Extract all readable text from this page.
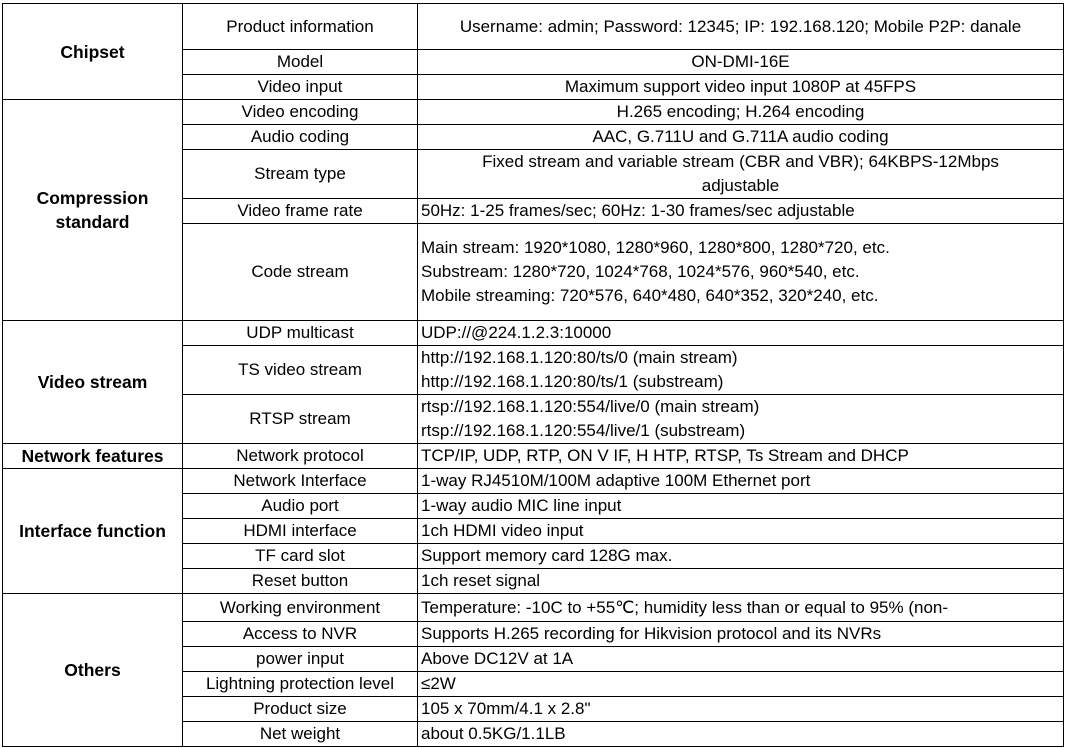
Chipset	Product information	Username: admin; Password: 12345; IP: 192.168.120; Mobile P2P: danale

	Model	ON-DMI-16E

	Video input	Maximum support video input 1080P at 45FPS

Compression standard	Video encoding	H.265 encoding; H.264 encoding

	Audio coding	AAC, G.711U and G.711A audio coding

	Stream type	Fixed stream and variable stream (CBR and VBR); 64KBPS-12Mbps
adjustable

	Video frame rate	50Hz: 1-25 frames/sec; 60Hz: 1-30 frames/sec adjustable

	Code stream	Main stream: 1920*1080, 1280*960, 1280*800, 1280*720, etc.
Substream: 1280*720, 1024*768, 1024*576, 960*540, etc.
Mobile streaming: 720*576, 640*480, 640*352, 320*240, etc.

Video stream	UDP multicast	UDP://@224.1.2.3:10000

	TS video stream	http://192.168.1.120:80/ts/0 (main stream)
http://192.168.1.120:80/ts/1 (substream)

	RTSP stream	rtsp://192.168.1.120:554/live/0 (main stream)
rtsp://192.168.1.120:554/live/1 (substream)

Network features	Network protocol	TCP/IP, UDP, RTP, ON V IF, H HTP, RTSP, Ts Stream and DHCP

Interface function	Network Interface	1-way RJ4510M/100M adaptive 100M Ethernet port

	Audio port	1-way audio MIC line input

	HDMI interface	1ch HDMI video input

	TF card slot	Support memory card 128G max.

	Reset button	1ch reset signal

Others	Working environment	Temperature: -10C to +55℃; humidity less than or equal to 95% (non-

	Access to NVR	Supports H.265 recording for Hikvision protocol and its NVRs

	power input	Above DC12V at 1A

	Lightning protection level	≤2W

	Product size	105 x 70mm/4.1 x 2.8"

	Net weight	about 0.5KG/1.1LB
